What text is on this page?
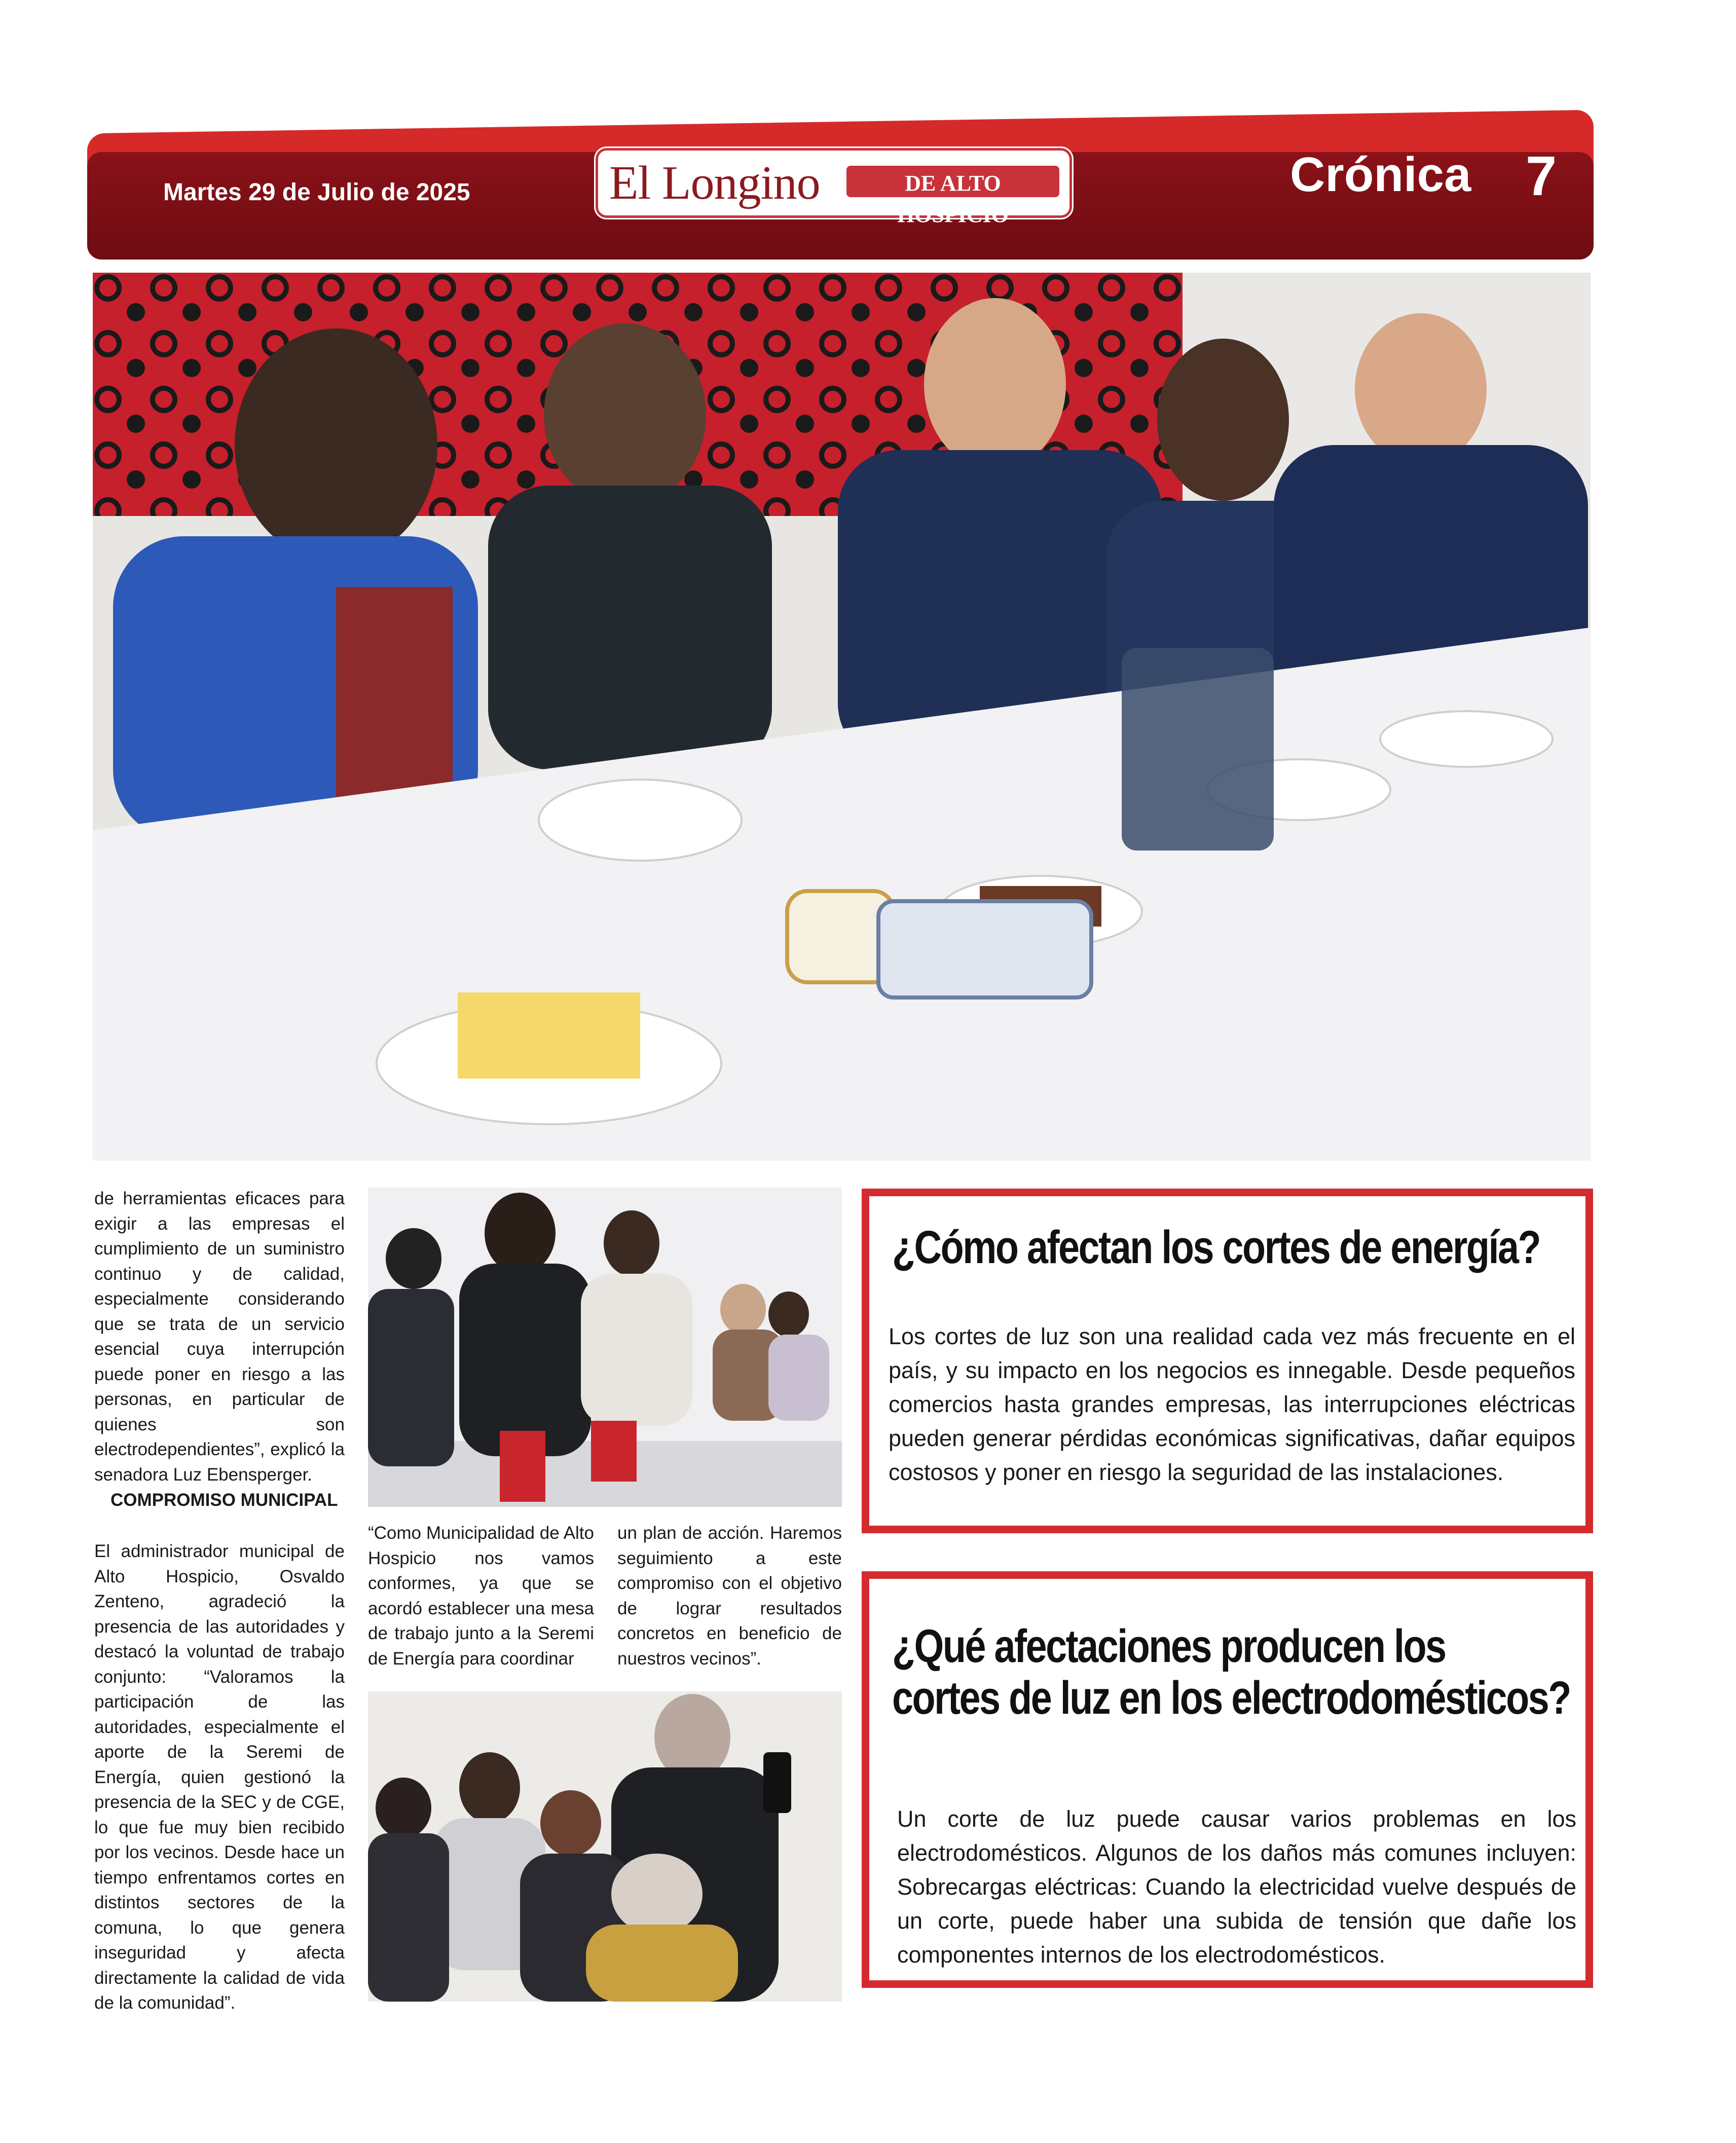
Martes 29 de Julio de 2025	El Longino	DE ALTO HOSPICIO
Crónica 7
de herramientas eficaces para exigir a las empresas el cumplimiento de un suministro continuo y de calidad, especialmente considerando que se trata de un servicio esencial cuya interrupción puede poner en riesgo a las personas, en particular de quienes son electrodependientes”, explicó la senadora Luz Ebensperger.
COMPROMISO MUNICIPAL
El administrador municipal de Alto Hospicio, Osvaldo Zenteno, agradeció la presencia de las autoridades y destacó la voluntad de trabajo conjunto: “Valoramos la participación de las autoridades, especialmente el aporte de la Seremi de Energía, quien gestionó la presencia de la SEC y de CGE, lo que fue muy bien recibido por los vecinos. Desde hace un tiempo enfrentamos cortes en distintos sectores de la comuna, lo que genera inseguridad y afecta directamente la calidad de vida de la comunidad”.
“Como Municipalidad de Alto Hospicio nos vamos conformes, ya que se acordó establecer una mesa de trabajo junto a la Seremi de Energía para coordinar
un plan de acción. Haremos seguimiento a este compromiso con el objetivo de lograr resultados concretos en beneficio de nuestros vecinos”.
¿Cómo afectan los cortes de energía?
Los cortes de luz son una realidad cada vez más frecuente en el país, y su impacto en los negocios es innegable. Desde pequeños comercios hasta grandes empresas, las interrupciones eléctricas pueden generar pérdidas económicas significativas, dañar equipos costosos y poner en riesgo la seguridad de las instalaciones.
¿Qué afectaciones producen los
cortes de luz en los electrodomésticos?
Un corte de luz puede causar varios problemas en los electrodomésticos. Algunos de los daños más comunes incluyen: Sobrecargas eléctricas: Cuando la electricidad vuelve después de un corte, puede haber una subida de tensión que dañe los componentes internos de los electrodomésticos.
